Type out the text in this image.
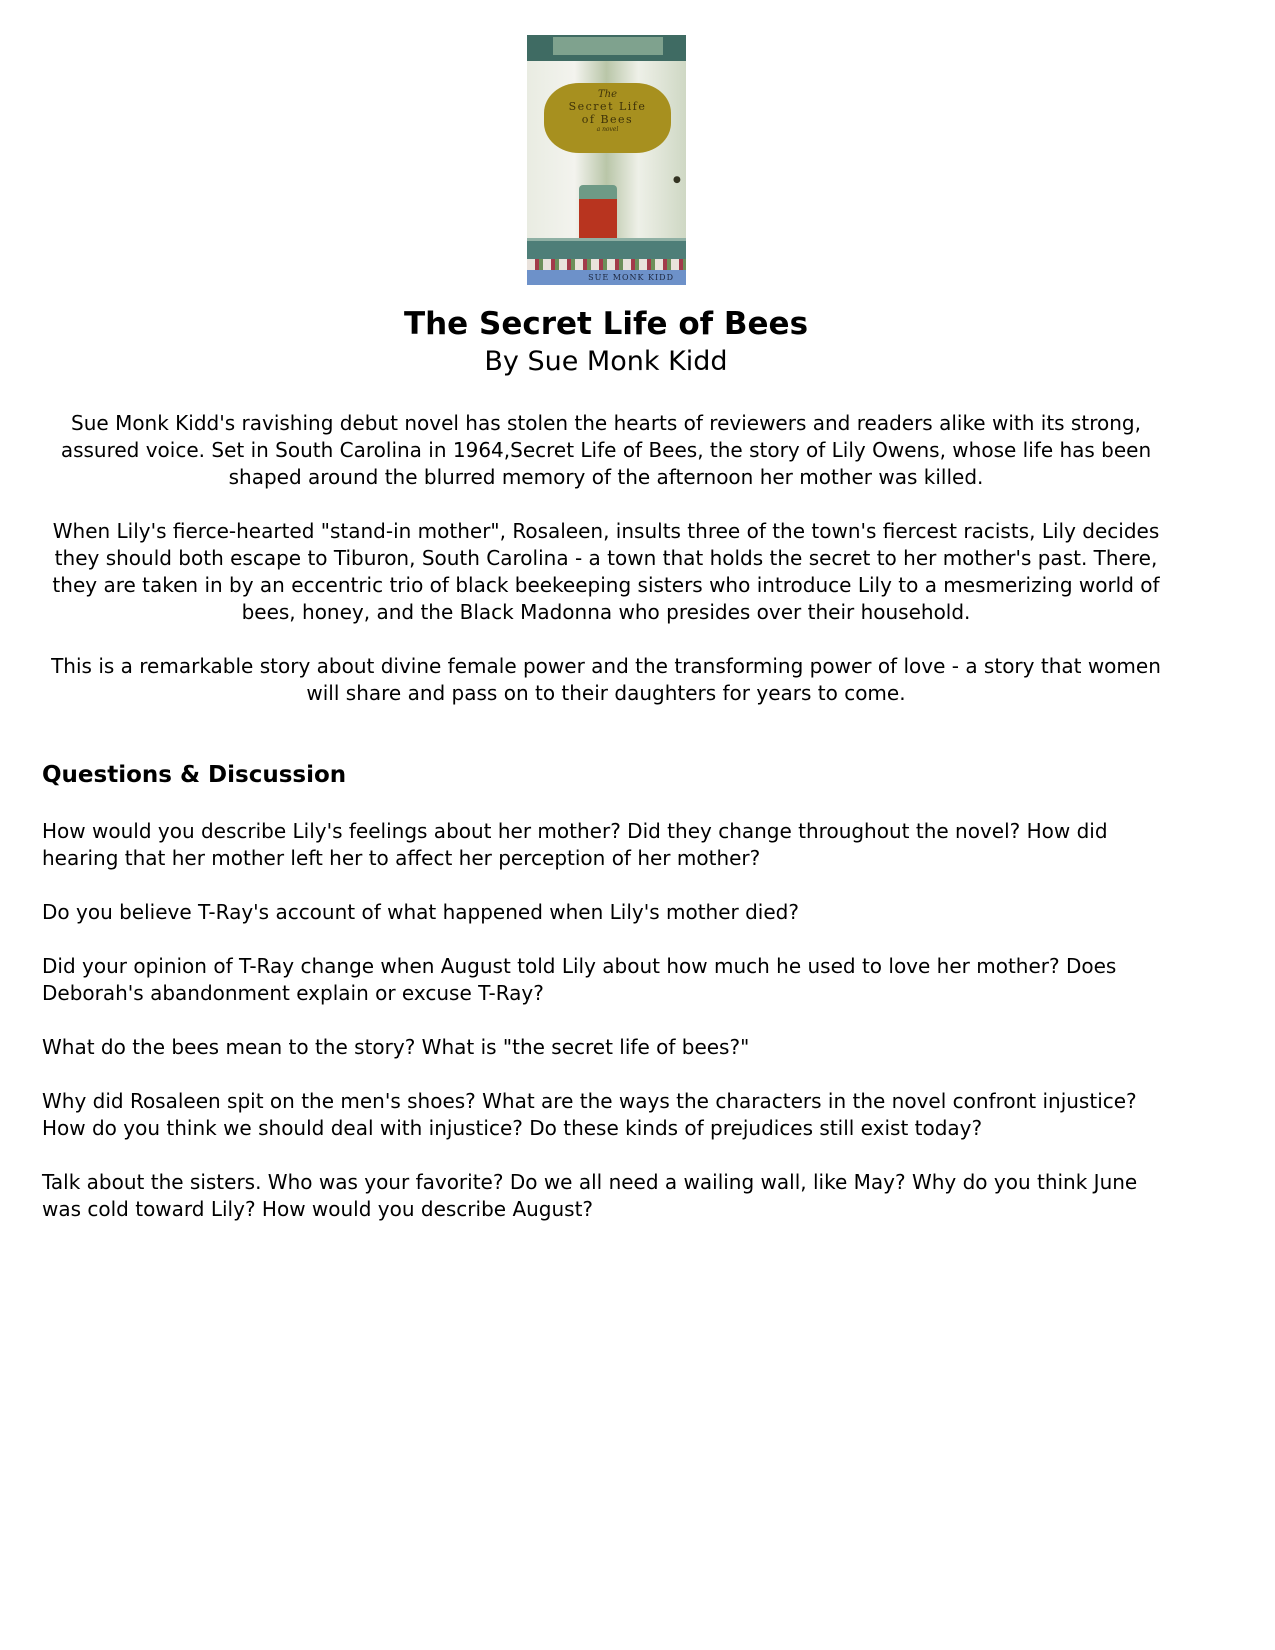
The
Secret Life
of Bees
a novel
●
SUE MONK KIDD
The Secret Life of Bees
By Sue Monk Kidd

Sue Monk Kidd's ravishing debut novel has stolen the hearts of reviewers and readers alike with its strong, assured voice. Set in South Carolina in 1964,Secret Life of Bees, the story of Lily Owens, whose life has been shaped around the blurred memory of the afternoon her mother was killed.

When Lily's fierce-hearted "stand-in mother", Rosaleen, insults three of the town's fiercest racists, Lily decides they should both escape to Tiburon, South Carolina - a town that holds the secret to her mother's past. There, they are taken in by an eccentric trio of black beekeeping sisters who introduce Lily to a mesmerizing world of bees, honey, and the Black Madonna who presides over their household.

This is a remarkable story about divine female power and the transforming power of love - a story that women will share and pass on to their daughters for years to come.

Questions & Discussion

How would you describe Lily's feelings about her mother? Did they change throughout the novel? How did hearing that her mother left her to affect her perception of her mother?

Do you believe T-Ray's account of what happened when Lily's mother died?

Did your opinion of T-Ray change when August told Lily about how much he used to love her mother? Does Deborah's abandonment explain or excuse T-Ray?

What do the bees mean to the story? What is "the secret life of bees?"

Why did Rosaleen spit on the men's shoes? What are the ways the characters in the novel confront injustice? How do you think we should deal with injustice? Do these kinds of prejudices still exist today?

Talk about the sisters. Who was your favorite? Do we all need a wailing wall, like May? Why do you think June was cold toward Lily? How would you describe August?
